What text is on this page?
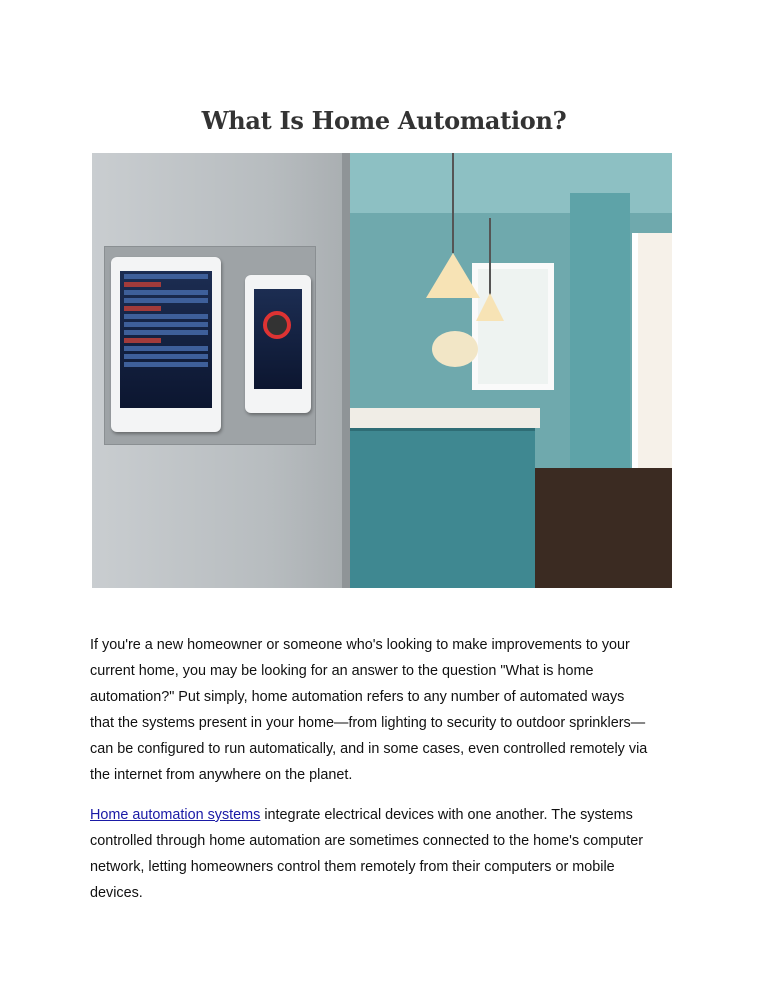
What Is Home Automation?
If you're a new homeowner or someone who's looking to make improvements to your
current home, you may be looking for an answer to the question "What is home
automation?" Put simply, home automation refers to any number of automated ways
that the systems present in your home—from lighting to security to outdoor sprinklers—
can be configured to run automatically, and in some cases, even controlled remotely via
the internet from anywhere on the planet.
Home automation systems integrate electrical devices with one another. The systems
controlled through home automation are sometimes connected to the home's computer
network, letting homeowners control them remotely from their computers or mobile
devices.
